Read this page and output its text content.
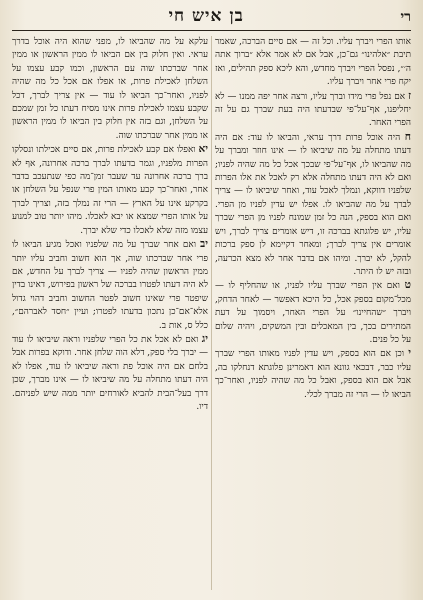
רי
בן איש חי

אותו הפרי ויברך עליו. וכל זה — אם סיים הברכה, שאמר תיבת ״אלהינו״ גם־כן, אבל אם לא אמר אלא ״ברוך אתה ה׳״, נפסל הפרי ויברך מחדש, והא ליכא ספק תהילים, ואז יקח פרי אחר ויברך עליו.

ז אם נפל פרי מידו וברך עליו, ורצה אחר יפה ממנו — לא יחליפנו, אף־על־פי שבדעתו היה בעת שברך גם על זה הפרי האחר.

ח היה אוכל פרות דרך עראי, והביאו לו עוד: אם היה דעתו מתחלה על מה שיביאו לו — אינו חוזר ומברך על מה שהביאו לו, אף־על־פי שבכך אכל כל מה שהיה לפניו; ואם לא היה דעתו מתחלה אלא רק לאכל את אלו הפרות שלפניו דווקא, ונמלך לאכל עוד, ואחר שיביאו לו — צריך לברך על מה שהביאו לו. אפלו יש עדין לפניו מן הפרי. ואם הוא בספק, הנה כל זמן שמונח לפניו מן הפרי שברך עליו, יש פלוגתא בברכה זו, דיש אומרים צריך לברך, ויש אומרים אין צריך לברך; ומאחר דקיימא לן ספק ברכות להקל, לא יברך. ומיהו אם בדבר אחר לא מצא הכרעה, ובזה יש לו היתר.

ט ואם אין הפרי שברך עליו לפניו, או שהחליף לו — מכל־מקום בספק אכל, כל היכא דאפשר — לאחר הדחק, ויברך ״שהחיינו״ על הפרי האחר, ויסמוך על דעת המתירים בכך, בין המאכלים ובין המשקים, ויהיה שלום על כל פנים.

י וכן אם הוא בספק, ויש עדין לפניו מאותו הפרי שברך עליו כבר, דבכאי גוונא הוא דאמרינן פלוגתא דנחלקו בה, אבל אם הוא בספק, ואבל כל מה שהיה לפניו, ואחר־כך הביאו לו — הרי זה מברך לכלי.

עלקא על מה שהביאו לו, מפני שהוא היה אוכל בדרך עראי. ואין חלוק בין אם הביאו לו ממין הראשון או ממין אחר שברכתו שוה עם הראשון, וכמו קבע עצמו על השלחן לאכילת פרות, או אפלו אם אכל כל מה שהיה לפניו, ואחר־כך הביאו לו עוד — אין צריך לברך, דכל שקבע עצמו לאכילת פרות אינו מסיח דעתו כל זמן שמכם על השלחן, וגם בזה אין חלוק בין הביאו לו ממין הראשון או ממין אחר שברכתו שוה.

יא ואפלו אם קבע לאכילת פרות, אם סיים אכילתו ונסלקו הפרות מלפניו, וגמר בדעתו לברך ברכה אחרונה, אף לא ברך ברכה אחרונה עד שעבר זמן־מה כפי שנתעכב בדבר אחר, ואחר־כך קבע מאותו המין פרי שנפל על השלחן או בקרקע אינו על הארץ — הרי זה נמלך בזה, וצריך לברך על אותו הפרי שמצא או יבא לאכלו. מיהו יותר טוב למנוע עצמו מזה שלא לאכלו כדי שלא יברך.

יב ואם אחר שברך על מה שלפניו ואכל מגיע הביאו לו פרי אחר שברכתו שוה, אך הוא חשוב וחביב עליו יותר ממין הראשון שהיה לפניו — צריך לברך על החדש, אם לא היה דעתו לפטרו בברכה של ראשון בפירוש, דאינו בדין שיפטר פרי שאינו חשוב לפטר החשוב וחביב דהוי גדול אלא־אם־כן נתכון בדעתו לפטרו; ועיין ״חסד לאברהם״, כלל ס, אות ב.

יג ואם לא אכל את כל הפרי שלפניו וראה שיביאו לו עוד — יברך בלי ספק, דלא הוה שלחן אחר. ודוקא בפרות אבל בלחם אם היה אוכל פת וראה שיביאו לו עוד, אפלו לא היה דעתו מתחלה על מה שיביאו לו — אינו מברך, שכן דרך בעל־הבית להביא לאורחים יותר ממה שיש לפניהם. דיו.
